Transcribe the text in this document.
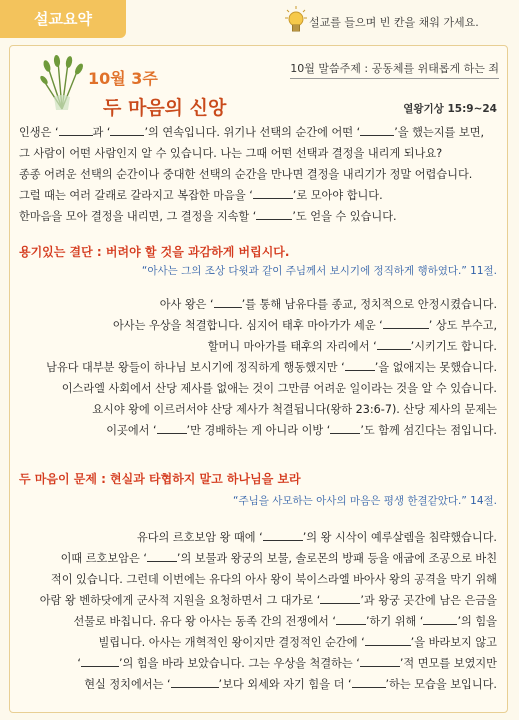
설교요약	설교를 들으며 빈 칸을 채워 가세요.
10월 3주
10월 말씀주제 : 공동체를 위태롭게 하는 죄
두 마음의 신앙	열왕기상 15:9~24
용기있는 결단 : 버려야 할 것을 과감하게 버립시다.
“아사는 그의 조상 다윗과 같이 주님께서 보시기에 정직하게 행하였다.” 11절.
두 마음이 문제 : 현실과 타협하지 말고 하나님을 보라
“주님을 사모하는 아사의 마음은 평생 한결같았다.” 14절.
인생은 ‘	과 ‘	’의 연속입니다. 위기나 선택의 순간에 어떤 ‘	’을 했는지를 보면,
그 사람이 어떤 사람인지 알 수 있습니다. 나는 그때 어떤 선택과 결정을 내리게 되나요?
종종 어려운 선택의 순간이나 중대한 선택의 순간을 만나면 결정을 내리기가 정말 어렵습니다.
그럴 때는 여러 갈래로 갈라지고 복잡한 마음을 ‘	’로 모아야 합니다.
한마음을 모아 결정을 내리면, 그 결정을 지속할 ‘	’도 얻을 수 있습니다.
아사 왕은 ‘	’를 통해 남유다를 종교, 정치적으로 안정시켰습니다.
아사는 우상을 척결합니다. 심지어 태후 마아가가 세운 ‘	’ 상도 부수고,
할머니 마아가를 태후의 자리에서 ‘	’시키기도 합니다.
남유다 대부분 왕들이 하나님 보시기에 정직하게 행동했지만 ‘	’을 없애지는 못했습니다.
이스라엘 사회에서 산당 제사를 없애는 것이 그만큼 어려운 일이라는 것을 알 수 있습니다.
요시야 왕에 이르러서야 산당 제사가 척결됩니다(왕하 23:6-7). 산당 제사의 문제는
이곳에서 ‘	’만 경배하는 게 아니라 이방 ‘	’도 함께 섬긴다는 점입니다.
유다의 르호보암 왕 때에 ‘	’의 왕 시삭이 예루살렘을 침략했습니다.
이때 르호보암은 ‘	’의 보물과 왕궁의 보물, 솔로몬의 방패 등을 애굽에 조공으로 바친
적이 있습니다. 그런데 이번에는 유다의 아사 왕이 북이스라엘 바아사 왕의 공격을 막기 위해
아람 왕 벤하닷에게 군사적 지원을 요청하면서 그 대가로 ‘	’과 왕궁 곳간에 남은 은금을
선물로 바칩니다. 유다 왕 아사는 동족 간의 전쟁에서 ‘	’하기 위해 ‘	’의 힘을
빌립니다. 아사는 개혁적인 왕이지만 결정적인 순간에 ‘	’을 바라보지 않고
‘	’의 힘을 바라 보았습니다. 그는 우상을 척결하는 ‘	’적 면모를 보였지만
현실 정치에서는 ‘	’보다 외세와 자기 힘을 더 ‘	’하는 모습을 보입니다.
